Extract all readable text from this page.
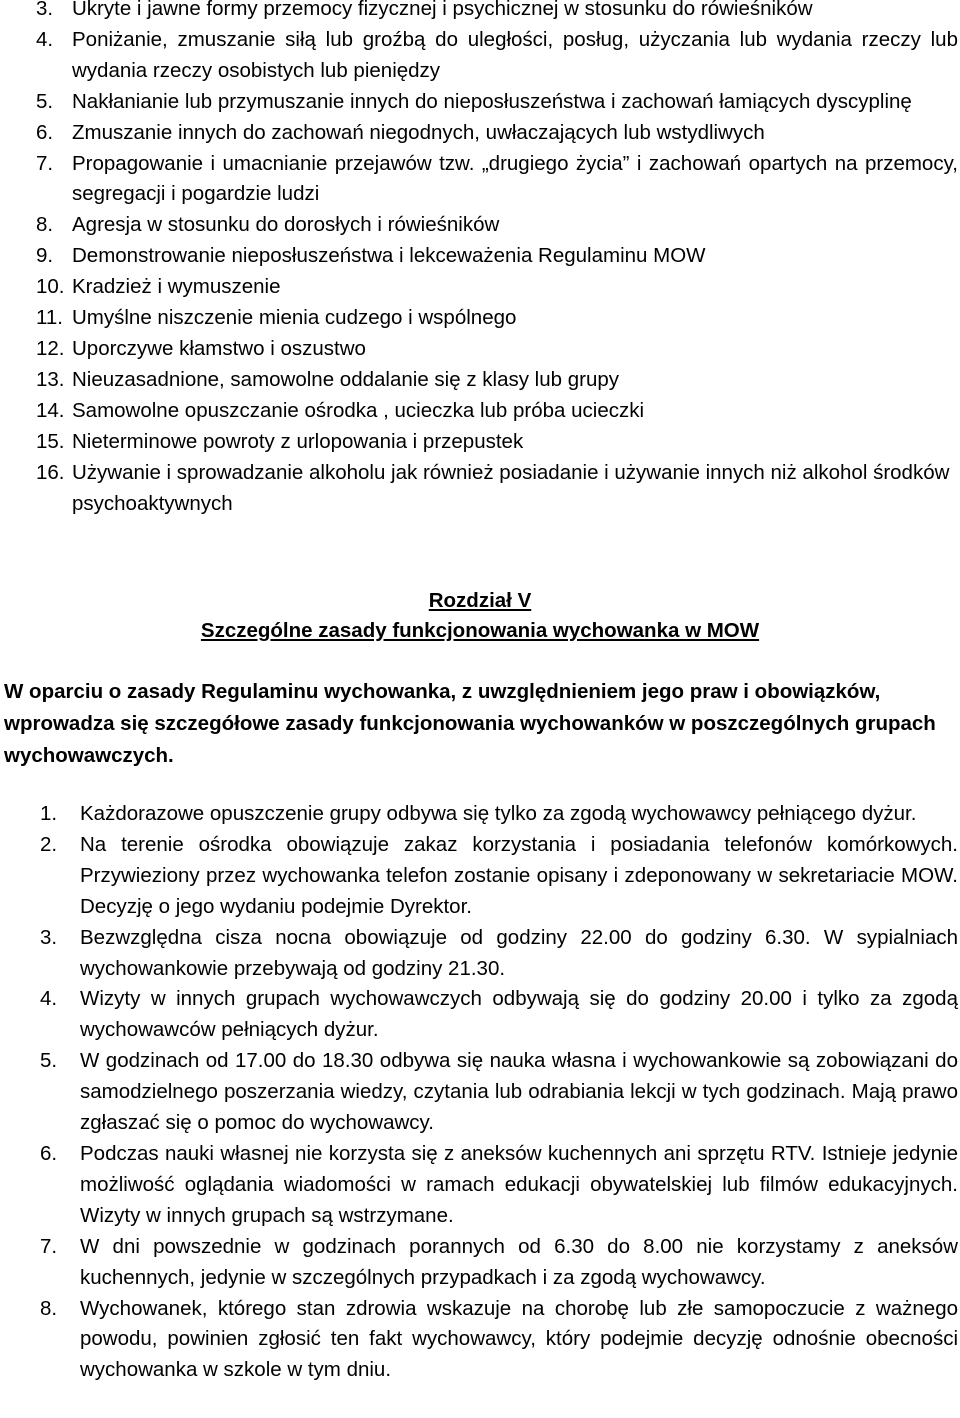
3. Ukryte i jawne formy przemocy fizycznej i psychicznej w stosunku do rówieśników
4. Poniżanie, zmuszanie siłą lub groźbą do uległości, posług, użyczania lub wydania rzeczy lub wydania rzeczy osobistych lub pieniędzy
5. Nakłanianie lub przymuszanie innych do nieposłuszeństwa i zachowań łamiących dyscyplinę
6. Zmuszanie innych do zachowań niegodnych, uwłaczających lub wstydliwych
7. Propagowanie i umacnianie przejawów tzw. „drugiego życia” i zachowań opartych na przemocy, segregacji i pogardzie ludzi
8. Agresja w stosunku do dorosłych i rówieśników
9. Demonstrowanie nieposłuszeństwa i lekceważenia Regulaminu MOW
10. Kradzież i wymuszenie
11. Umyślne niszczenie mienia cudzego i wspólnego
12. Uporczywe kłamstwo i oszustwo
13. Nieuzasadnione, samowolne oddalanie się z klasy lub grupy
14. Samowolne opuszczanie ośrodka , ucieczka lub próba ucieczki
15. Nieterminowe powroty z urlopowania i przepustek
16. Używanie i sprowadzanie alkoholu jak również posiadanie i używanie innych niż alkohol środków psychoaktywnych
Rozdział V
Szczególne zasady funkcjonowania wychowanka w MOW

W oparciu o zasady Regulaminu wychowanka, z uwzględnieniem jego praw i obowiązków, wprowadza się szczegółowe zasady funkcjonowania wychowanków w poszczególnych grupach wychowawczych.

1.	Każdorazowe opuszczenie grupy odbywa się tylko za zgodą wychowawcy pełniącego dyżur.
2.	Na terenie ośrodka obowiązuje zakaz korzystania i posiadania telefonów komórkowych. Przywieziony przez wychowanka telefon zostanie opisany i zdeponowany w sekretariacie MOW. Decyzję o jego wydaniu podejmie Dyrektor.
3.	Bezwzględna cisza nocna obowiązuje od godziny 22.00 do godziny 6.30. W sypialniach wychowankowie przebywają od godziny 21.30.
4.	Wizyty w innych grupach wychowawczych odbywają się do godziny 20.00 i tylko za zgodą wychowawców pełniących dyżur.
5.	W godzinach od 17.00 do 18.30 odbywa się nauka własna i wychowankowie są zobowiązani do samodzielnego poszerzania wiedzy, czytania lub odrabiania lekcji w tych godzinach. Mają prawo zgłaszać się o pomoc do wychowawcy.
6.	Podczas nauki własnej nie korzysta się z aneksów kuchennych ani sprzętu RTV. Istnieje jedynie możliwość oglądania wiadomości w ramach edukacji obywatelskiej lub filmów edukacyjnych. Wizyty w innych grupach są wstrzymane.
7.	W dni powszednie w godzinach porannych od 6.30 do 8.00 nie korzystamy z aneksów kuchennych, jedynie w szczególnych przypadkach i za zgodą wychowawcy.
8.	Wychowanek, którego stan zdrowia wskazuje na chorobę lub złe samopoczucie z ważnego powodu, powinien zgłosić ten fakt wychowawcy, który podejmie decyzję odnośnie obecności wychowanka w szkole w tym dniu.
